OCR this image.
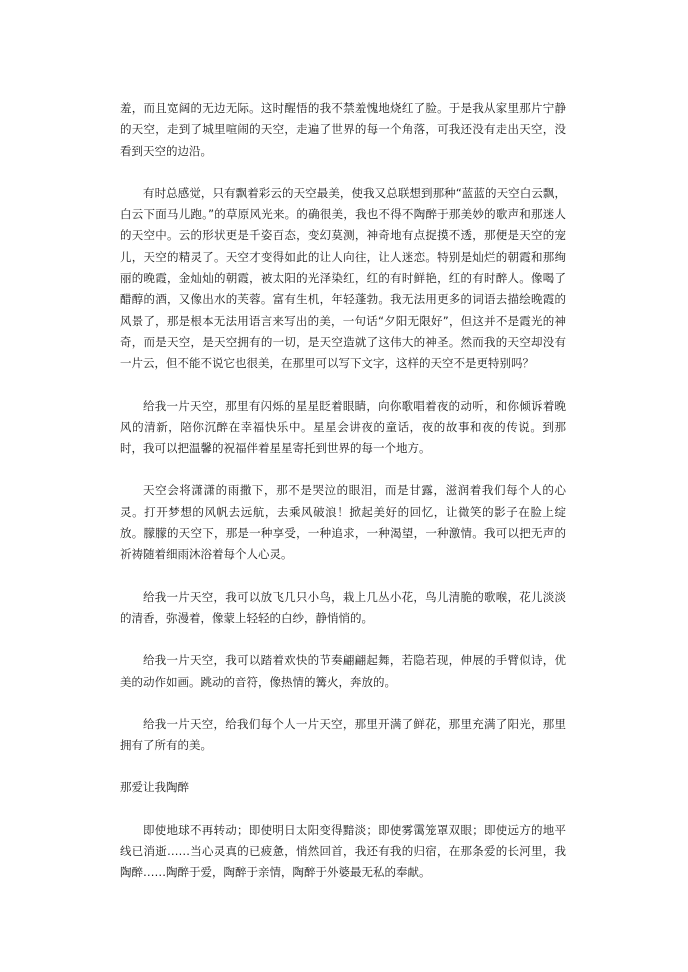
羞，而且宽阔的无边无际。这时醒悟的我不禁羞愧地烧红了脸。于是我从家里那片宁静的天空，走到了城里喧闹的天空，走遍了世界的每一个角落，可我还没有走出天空，没看到天空的边沿。

有时总感觉，只有飘着彩云的天空最美，使我又总联想到那种“蓝蓝的天空白云飘，白云下面马儿跑。”的草原风光来。的确很美，我也不得不陶醉于那美妙的歌声和那迷人的天空中。云的形状更是千姿百态，变幻莫测，神奇地有点捉摸不透，那便是天空的宠儿，天空的精灵了。天空才变得如此的让人向往，让人迷恋。特别是灿烂的朝霞和那绚丽的晚霞，金灿灿的朝霞，被太阳的光泽染红，红的有时鲜艳，红的有时醉人。像喝了醋醇的酒，又像出水的芙蓉。富有生机，年轻蓬勃。我无法用更多的词语去描绘晚霞的风景了，那是根本无法用语言来写出的美，一句话“夕阳无限好”，但这并不是霞光的神奇，而是天空，是天空拥有的一切，是天空造就了这伟大的神圣。然而我的天空却没有一片云，但不能不说它也很美，在那里可以写下文字，这样的天空不是更特别吗？

给我一片天空，那里有闪烁的星星眨着眼睛，向你歌唱着夜的动听，和你倾诉着晚风的清新，陪你沉醉在幸福快乐中。星星会讲夜的童话，夜的故事和夜的传说。到那时，我可以把温馨的祝福伴着星星寄托到世界的每一个地方。

天空会将潇潇的雨撒下，那不是哭泣的眼泪，而是甘露，滋润着我们每个人的心灵。打开梦想的风帆去远航，去乘风破浪！掀起美好的回忆，让微笑的影子在脸上绽放。朦朦的天空下，那是一种享受，一种追求，一种渴望，一种激情。我可以把无声的祈祷随着细雨沐浴着每个人心灵。

给我一片天空，我可以放飞几只小鸟，栽上几丛小花，鸟儿清脆的歌喉，花儿淡淡的清香，弥漫着，像蒙上轻轻的白纱，静悄悄的。

给我一片天空，我可以踏着欢快的节奏翩翩起舞，若隐若现，伸展的手臂似诗，优美的动作如画。跳动的音符，像热情的篝火，奔放的。

给我一片天空，给我们每个人一片天空，那里开满了鲜花，那里充满了阳光，那里拥有了所有的美。

那爱让我陶醉

即使地球不再转动；即使明日太阳变得黯淡；即使雾霭笼罩双眼；即使远方的地平线已消逝……当心灵真的已疲惫，悄然回首，我还有我的归宿，在那条爱的长河里，我陶醉……陶醉于爱，陶醉于亲情，陶醉于外婆最无私的奉献。
